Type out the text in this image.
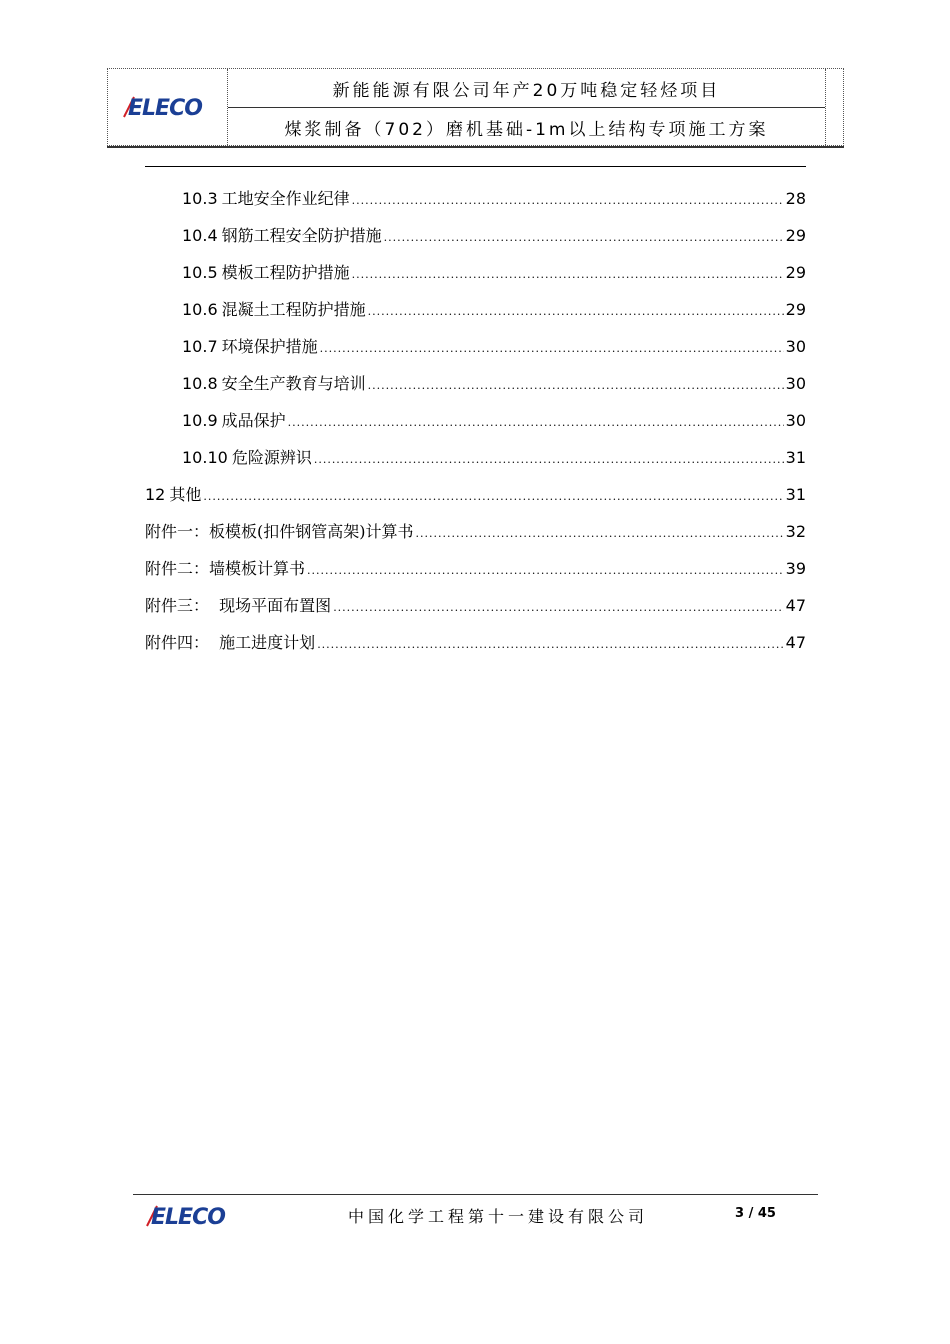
ELECO
新能能源有限公司年产20万吨稳定轻烃项目
煤浆制备（702）磨机基础-1m以上结构专项施工方案
10.3 工地安全作业纪律 .....	28
10.4 钢筋工程安全防护措施 .....	29
10.5 模板工程防护措施 .....	29
10.6 混凝土工程防护措施 .....	29
10.7 环境保护措施 .....	30
10.8 安全生产教育与培训 .....	30
10.9 成品保护 .....	30
10.10 危险源辨识 .....	31
12 其他 .....	31
附件一：板模板(扣件钢管高架)计算书 .....	32
附件二：墙模板计算书 .....	39
附件三：  现场平面布置图 .....	47
附件四：  施工进度计划 .....	47
ELECO	中国化学工程第十一建设有限公司	3 / 45
